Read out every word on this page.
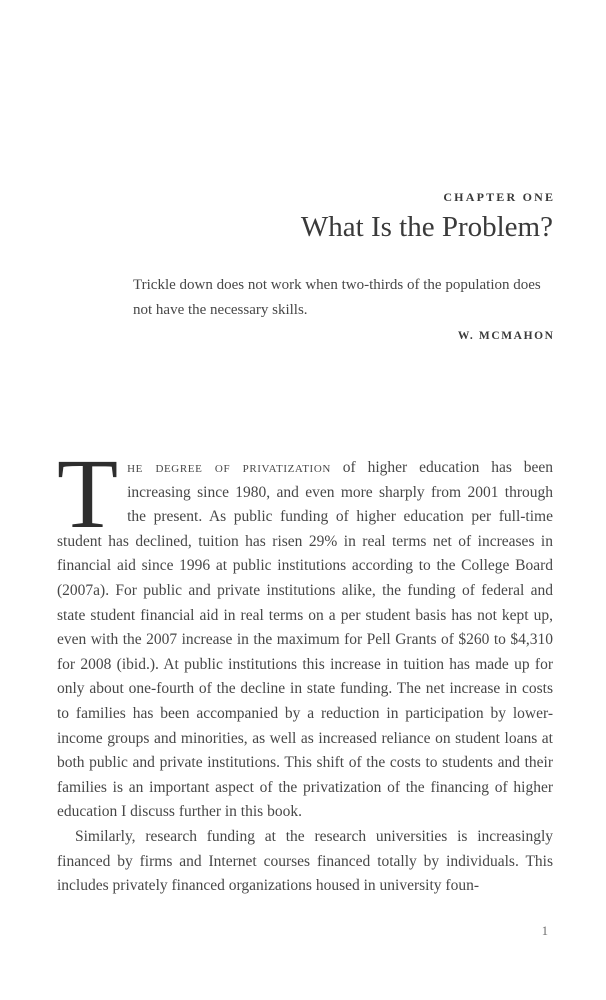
CHAPTER ONE
What Is the Problem?
Trickle down does not work when two-thirds of the population does not have the necessary skills.
W. MCMAHON

The degree of privatization of higher education has been increasing since 1980, and even more sharply from 2001 through the present. As public funding of higher education per full-time student has declined, tuition has risen 29% in real terms net of increases in financial aid since 1996 at public institutions according to the College Board (2007a). For public and private institutions alike, the funding of federal and state student financial aid in real terms on a per student basis has not kept up, even with the 2007 increase in the maximum for Pell Grants of $260 to $4,310 for 2008 (ibid.). At public institutions this increase in tuition has made up for only about one-fourth of the decline in state funding. The net increase in costs to families has been accompanied by a reduction in participation by lower-income groups and minorities, as well as increased reliance on student loans at both public and private institutions. This shift of the costs to students and their families is an important aspect of the privatization of the financing of higher education I discuss further in this book.

Similarly, research funding at the research universities is increasingly financed by firms and Internet courses financed totally by individuals. This includes privately financed organizations housed in university foun-

1
